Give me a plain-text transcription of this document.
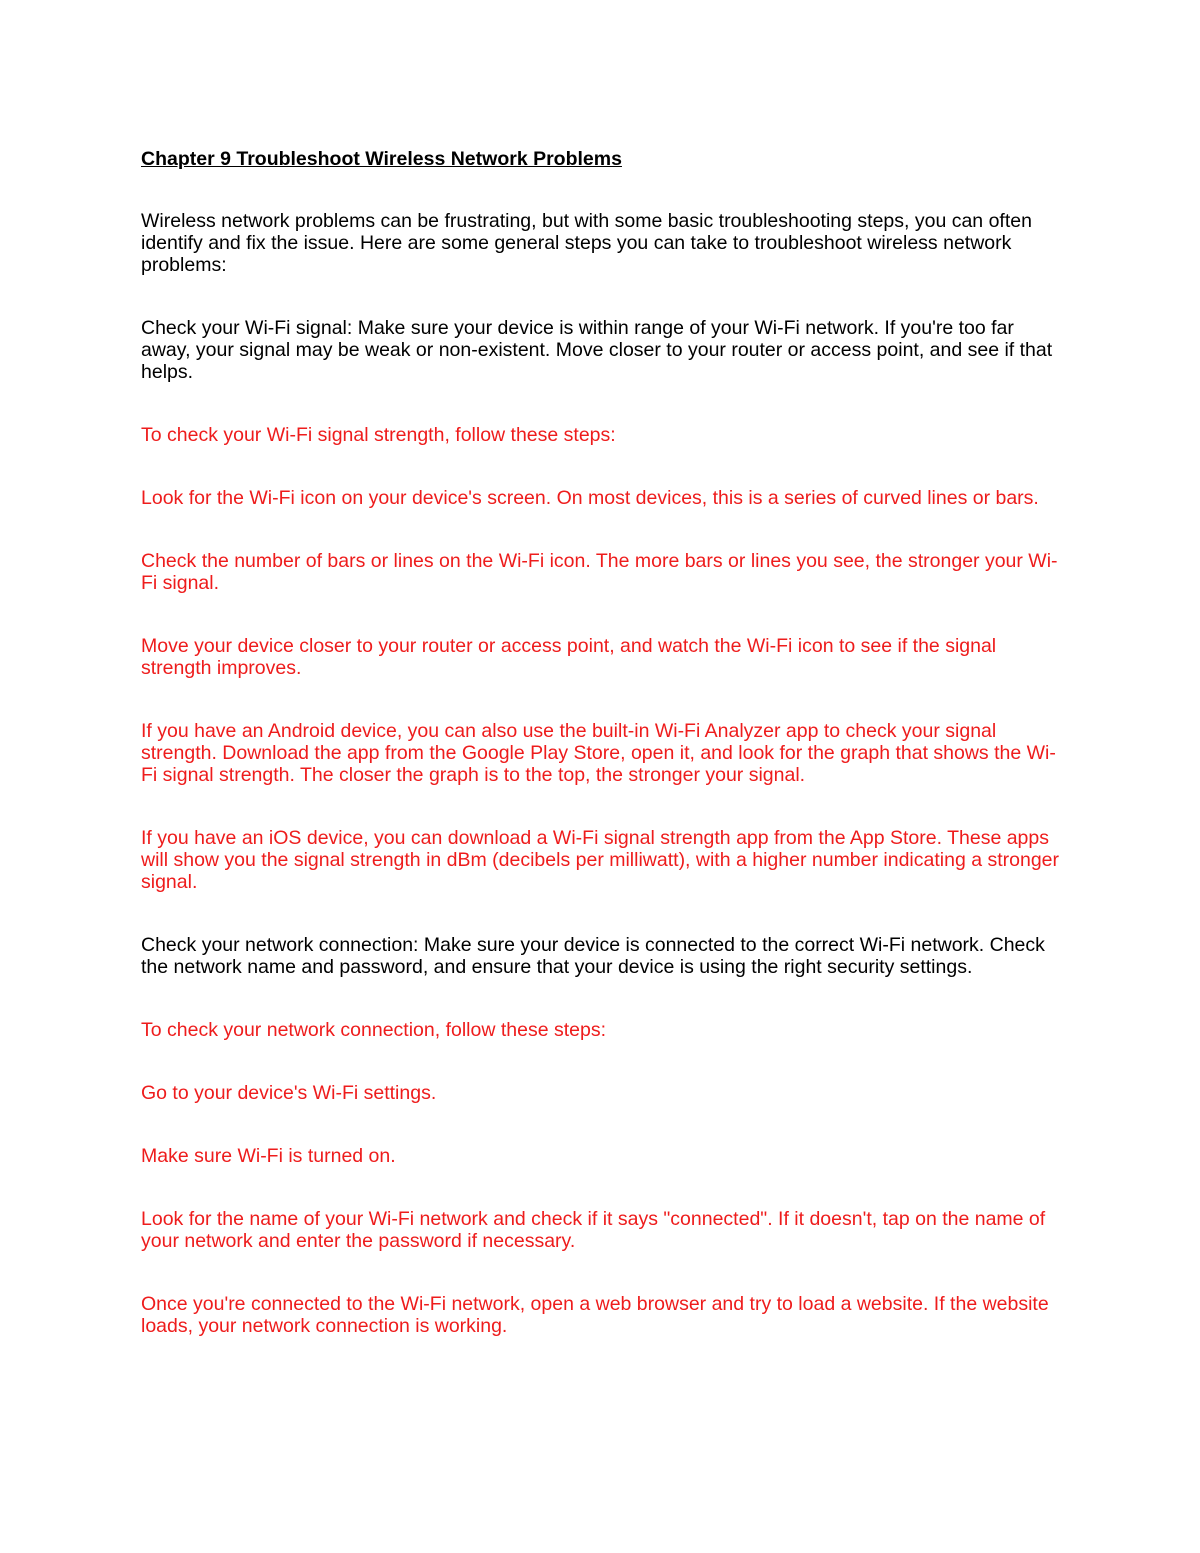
Chapter 9 Troubleshoot Wireless Network Problems
Wireless network problems can be frustrating, but with some basic troubleshooting steps, you can often identify and fix the issue. Here are some general steps you can take to troubleshoot wireless network problems:
Check your Wi-Fi signal: Make sure your device is within range of your Wi-Fi network. If you're too far away, your signal may be weak or non-existent. Move closer to your router or access point, and see if that helps.
To check your Wi-Fi signal strength, follow these steps:
Look for the Wi-Fi icon on your device's screen. On most devices, this is a series of curved lines or bars.
Check the number of bars or lines on the Wi-Fi icon. The more bars or lines you see, the stronger your Wi-Fi signal.
Move your device closer to your router or access point, and watch the Wi-Fi icon to see if the signal strength improves.
If you have an Android device, you can also use the built-in Wi-Fi Analyzer app to check your signal strength. Download the app from the Google Play Store, open it, and look for the graph that shows the Wi-Fi signal strength. The closer the graph is to the top, the stronger your signal.
If you have an iOS device, you can download a Wi-Fi signal strength app from the App Store. These apps will show you the signal strength in dBm (decibels per milliwatt), with a higher number indicating a stronger signal.
Check your network connection: Make sure your device is connected to the correct Wi-Fi network. Check the network name and password, and ensure that your device is using the right security settings.
To check your network connection, follow these steps:
Go to your device's Wi-Fi settings.
Make sure Wi-Fi is turned on.
Look for the name of your Wi-Fi network and check if it says "connected". If it doesn't, tap on the name of your network and enter the password if necessary.
Once you're connected to the Wi-Fi network, open a web browser and try to load a website. If the website loads, your network connection is working.
